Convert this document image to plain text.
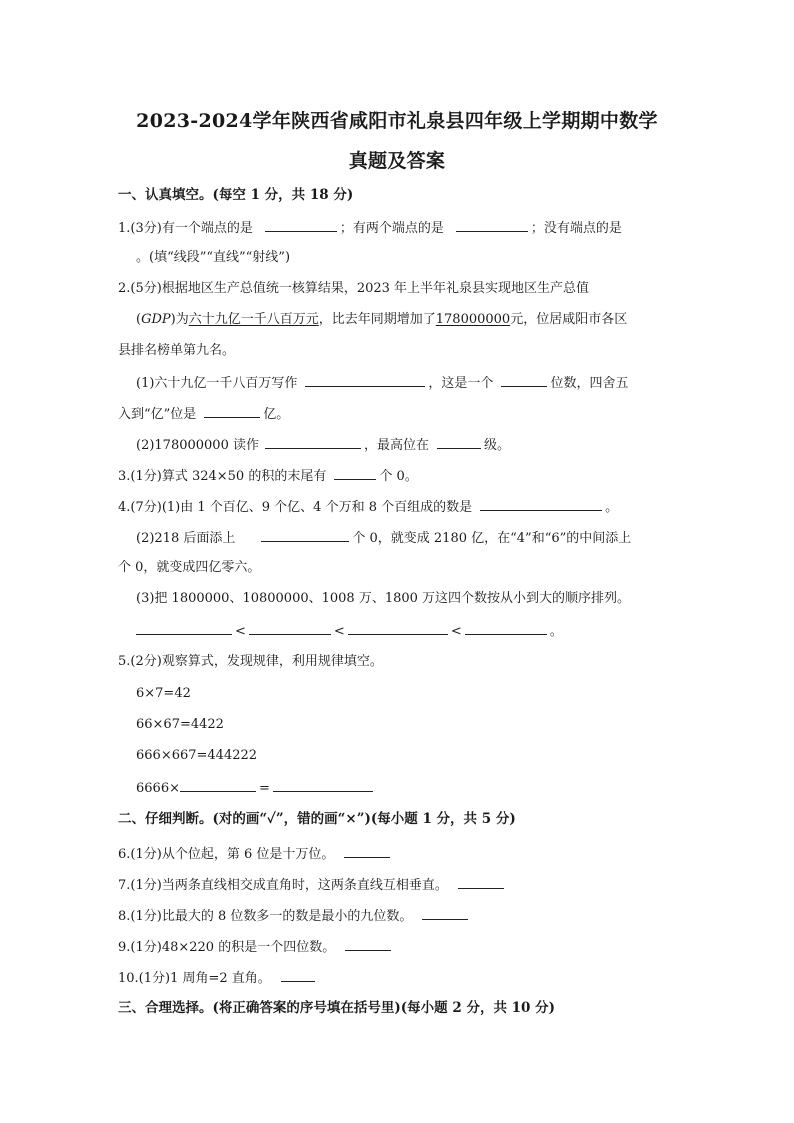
2023-2024学年陕西省咸阳市礼泉县四年级上学期期中数学
真题及答案
一、认真填空。(每空 1 分，共 18 分)
1.(3分)有一个端点的是	；有两个端点的是	；没有端点的是
。(填“线段”“直线”“射线”)
2.(5分)根据地区生产总值统一核算结果，2023 年上半年礼泉县实现地区生产总值
(GDP)为六十九亿一千八百万元，比去年同期增加了178000000元，位居咸阳市各区
县排名榜单第九名。
(1)六十九亿一千八百万写作	，这是一个	位数，四舍五
入到“亿”位是	亿。
(2)178000000 读作	，最高位在	级。
3.(1分)算式 324×50 的积的末尾有	个 0。
4.(7分)(1)由 1 个百亿、9 个亿、4 个万和 8 个百组成的数是	。
(2)218 后面添上	个 0，就变成 2180 亿，在“4”和“6”的中间添上
个 0，就变成四亿零六。
(3)把 1800000、10800000、1008 万、1800 万这四个数按从小到大的顺序排列。
<	<	<	。
5.(2分)观察算式，发现规律，利用规律填空。
6×7=42
66×67=4422
666×667=444222
6666×	=
二、仔细判断。(对的画“✓”，错的画“×”)(每小题 1 分，共 5 分)
6.(1分)从个位起，第 6 位是十万位。
7.(1分)当两条直线相交成直角时，这两条直线互相垂直。
8.(1分)比最大的 8 位数多一的数是最小的九位数。
9.(1分)48×220 的积是一个四位数。
10.(1分)1 周角=2 直角。
三、合理选择。(将正确答案的序号填在括号里)(每小题 2 分，共 10 分)
